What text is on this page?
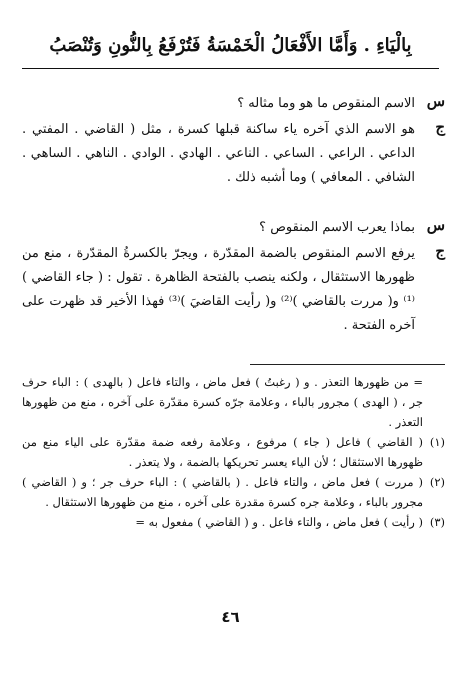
بِالْيَاءِ . وَأَمَّا الأَفْعَالُ الْخَمْسَةُ فَتُرْفَعُ بِالنُّونِ وَتُنْصَبُ
س
الاسم المنقوص ما هو وما مثاله ؟
ج
هو الاسم الذي آخره ياء ساكنة قبلها كسرة ، مثل ( القاضي . المفتي . الداعي . الراعي . الساعي . الناعي . الهادي . الوادي . الناهي . الساهي . الشافي . المعافي ) وما أشبه ذلك .
س
بماذا يعرب الاسم المنقوص ؟
ج
يرفع الاسم المنقوص بالضمة المقدّرة ، ويجرّ بالكسرةُ المقدّرة ، منع من ظهورها الاستثقال ، ولكنه ينصب بالفتحة الظاهرة . تقول : ( جاء القاضي )⁽¹⁾ و( مررت بالقاضي )⁽²⁾ و( رأيت القاضيَ )⁽³⁾ فهذا الأخير قد ظهرت على آخره الفتحة .
= من ظهورها التعذر . و ( رغبتُ ) فعل ماض ، والتاء فاعل ( بالهدى ) : الباء حرف جر ، ( الهدى ) مجرور بالباء ، وعلامة جرّه كسرة مقدّرة على آخره ، منع من ظهورها التعذر .
(١)
( القاضي ) فاعل ( جاء ) مرفوع ، وعلامة رفعه ضمة مقدّرة على الياء منع من ظهورها الاستثقال ؛ لأن الياء يعسر تحريكها بالضمة ، ولا يتعذر .
(٢)
( مررت ) فعل ماض ، والتاء فاعل . ( بالقاضي ) : الباء حرف جر ؛ و ( القاضي ) مجرور بالباء ، وعلامة جره كسرة مقدرة على آخره ، منع من ظهورها الاستثقال .
(٣)
( رأيت ) فعل ماض ، والتاء فاعل . و ( القاضي ) مفعول به =
٤٦
